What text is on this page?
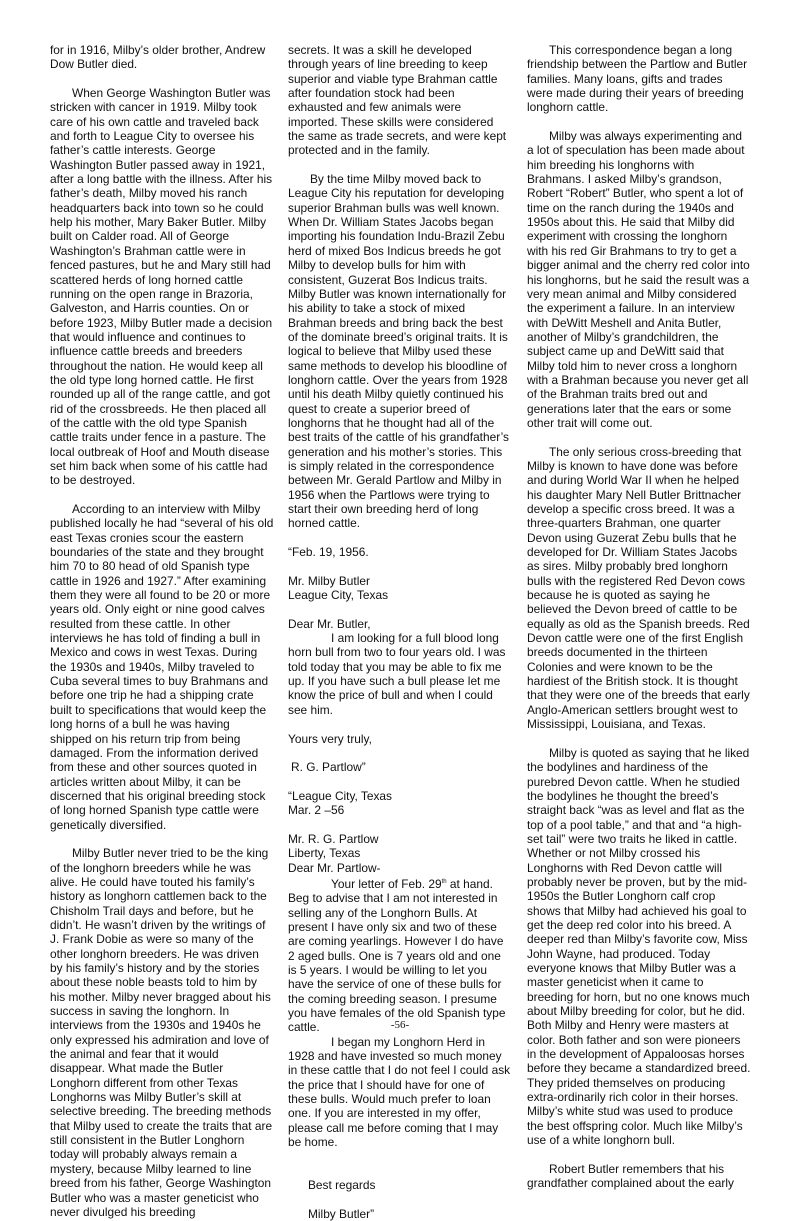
for in 1916, Milby’s older brother, Andrew Dow Butler died.

When George Washington Butler was stricken with cancer in 1919. Milby took care of his own cattle and traveled back and forth to League City to oversee his father’s cattle interests. George Washington Butler passed away in 1921, after a long battle with the illness. After his father’s death, Milby moved his ranch headquarters back into town so he could help his mother, Mary Baker Butler. Milby built on Calder road. All of George Washington’s Brahman cattle were in fenced pastures, but he and Mary still had scattered herds of long horned cattle running on the open range in Brazoria, Galveston, and Harris counties. On or before 1923, Milby Butler made a decision that would influence and continues to influence cattle breeds and breeders throughout the nation. He would keep all the old type long horned cattle. He first rounded up all of the range cattle, and got rid of the crossbreeds. He then placed all of the cattle with the old type Spanish cattle traits under fence in a pasture. The local outbreak of Hoof and Mouth disease set him back when some of his cattle had to be destroyed.

According to an interview with Milby published locally he had “several of his old east Texas cronies scour the eastern boundaries of the state and they brought him 70 to 80 head of old Spanish type cattle in 1926 and 1927.” After examining them they were all found to be 20 or more years old. Only eight or nine good calves resulted from these cattle. In other interviews he has told of finding a bull in Mexico and cows in west Texas. During the 1930s and 1940s, Milby traveled to Cuba several times to buy Brahmans and before one trip he had a shipping crate built to specifications that would keep the long horns of a bull he was having shipped on his return trip from being damaged. From the information derived from these and other sources quoted in articles written about Milby, it can be discerned that his original breeding stock of long horned Spanish type cattle were genetically diversified.

Milby Butler never tried to be the king of the longhorn breeders while he was alive. He could have touted his family’s history as longhorn cattlemen back to the Chisholm Trail days and before, but he didn’t. He wasn’t driven by the writings of J. Frank Dobie as were so many of the other longhorn breeders. He was driven by his family’s history and by the stories about these noble beasts told to him by his mother. Milby never bragged about his success in saving the longhorn. In interviews from the 1930s and 1940s he only expressed his admiration and love of the animal and fear that it would disappear. What made the Butler Longhorn different from other Texas Longhorns was Milby Butler’s skill at selective breeding. The breeding methods that Milby used to create the traits that are still consistent in the Butler Longhorn today will probably always remain a mystery, because Milby learned to line breed from his father, George Washington Butler who was a master geneticist who never divulged his breeding

secrets. It was a skill he developed through years of line breeding to keep superior and viable type Brahman cattle after foundation stock had been exhausted and few animals were imported. These skills were considered the same as trade secrets, and were kept protected and in the family.

By the time Milby moved back to League City his reputation for developing superior Brahman bulls was well known. When Dr. William States Jacobs began importing his foundation Indu-Brazil Zebu herd of mixed Bos Indicus breeds he got Milby to develop bulls for him with consistent, Guzerat Bos Indicus traits. Milby Butler was known internationally for his ability to take a stock of mixed Brahman breeds and bring back the best of the dominate breed’s original traits. It is logical to believe that Milby used these same methods to develop his bloodline of longhorn cattle. Over the years from 1928 until his death Milby quietly continued his quest to create a superior breed of longhorns that he thought had all of the best traits of the cattle of his grandfather’s generation and his mother’s stories. This is simply related in the correspondence between Mr. Gerald Partlow and Milby in 1956 when the Partlows were trying to start their own breeding herd of long horned cattle.

“Feb. 19, 1956.

Mr. Milby Butler

League City, Texas

Dear Mr. Butler,

I am looking for a full blood long horn bull from two to four years old. I was told today that you may be able to fix me up. If you have such a bull please let me know the price of bull and when I could see him.

Yours very truly,

R. G. Partlow”

“League City, Texas

Mar. 2 –56

Mr. R. G. Partlow

Liberty, Texas

Dear Mr. Partlow-

Your letter of Feb. 29th at hand. Beg to advise that I am not interested in selling any of the Longhorn Bulls. At present I have only six and two of these are coming yearlings. However I do have 2 aged bulls. One is 7 years old and one is 5 years. I would be willing to let you have the service of one of these bulls for the coming breeding season. I presume you have females of the old Spanish type cattle.

I began my Longhorn Herd in 1928 and have invested so much money in these cattle that I do not feel I could ask the price that I should have for one of these bulls. Would much prefer to loan one. If you are interested in my offer, please call me before coming that I may be home.

Best regards

Milby Butler”

This correspondence began a long friendship between the Partlow and Butler families. Many loans, gifts and trades were made during their years of breeding longhorn cattle.

Milby was always experimenting and a lot of speculation has been made about him breeding his longhorns with Brahmans. I asked Milby’s grandson, Robert “Robert” Butler, who spent a lot of time on the ranch during the 1940s and 1950s about this. He said that Milby did experiment with crossing the longhorn with his red Gir Brahmans to try to get a bigger animal and the cherry red color into his longhorns, but he said the result was a very mean animal and Milby considered the experiment a failure. In an interview with DeWitt Meshell and Anita Butler, another of Milby’s grandchildren, the subject came up and DeWitt said that Milby told him to never cross a longhorn with a Brahman because you never get all of the Brahman traits bred out and generations later that the ears or some other trait will come out.

The only serious cross-breeding that Milby is known to have done was before and during World War II when he helped his daughter Mary Nell Butler Brittnacher develop a specific cross breed. It was a three-quarters Brahman, one quarter Devon using Guzerat Zebu bulls that he developed for Dr. William States Jacobs as sires. Milby probably bred longhorn bulls with the registered Red Devon cows because he is quoted as saying he believed the Devon breed of cattle to be equally as old as the Spanish breeds. Red Devon cattle were one of the first English breeds documented in the thirteen Colonies and were known to be the hardiest of the British stock. It is thought that they were one of the breeds that early Anglo-American settlers brought west to Mississippi, Louisiana, and Texas.

Milby is quoted as saying that he liked the bodylines and hardiness of the purebred Devon cattle. When he studied the bodylines he thought the breed’s straight back “was as level and flat as the top of a pool table,” and that and “a high-set tail” were two traits he liked in cattle. Whether or not Milby crossed his Longhorns with Red Devon cattle will probably never be proven, but by the mid-1950s the Butler Longhorn calf crop shows that Milby had achieved his goal to get the deep red color into his breed. A deeper red than Milby’s favorite cow, Miss John Wayne, had produced. Today everyone knows that Milby Butler was a master geneticist when it came to breeding for horn, but no one knows much about Milby breeding for color, but he did. Both Milby and Henry were masters at color. Both father and son were pioneers in the development of Appaloosas horses before they became a standardized breed. They prided themselves on producing extra-ordinarily rich color in their horses. Milby’s white stud was used to produce the best offspring color. Much like Milby’s use of a white longhorn bull.

Robert Butler remembers that his grandfather complained about the early

-56-
